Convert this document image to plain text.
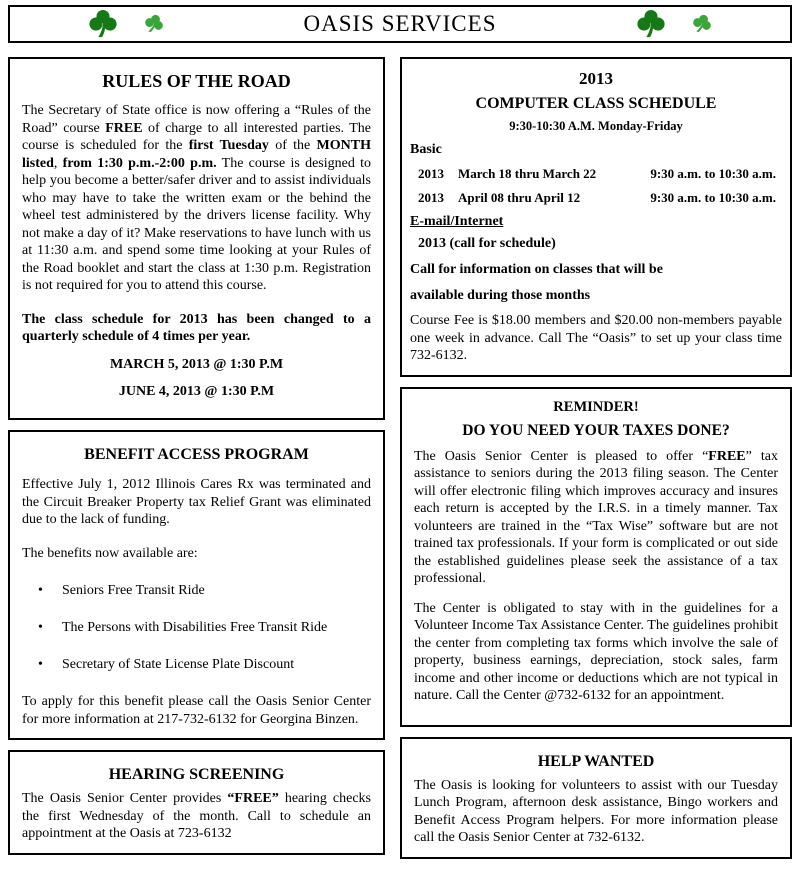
OASIS SERVICES
RULES OF THE ROAD

The Secretary of State office is now offering a “Rules of the Road” course FREE of charge to all interested parties. The course is scheduled for the first Tuesday of the MONTH listed, from 1:30 p.m.-2:00 p.m. The course is designed to help you become a better/safer driver and to assist individuals who may have to take the written exam or the behind the wheel test administered by the drivers license facility. Why not make a day of it? Make reservations to have lunch with us at 11:30 a.m. and spend some time looking at your Rules of the Road booklet and start the class at 1:30 p.m. Registration is not required for you to attend this course.

The class schedule for 2013 has been changed to a quarterly schedule of 4 times per year.

MARCH 5, 2013 @ 1:30 P.M

JUNE 4, 2013 @ 1:30 P.M

BENEFIT ACCESS PROGRAM

Effective July 1, 2012 Illinois Cares Rx was terminated and the Circuit Breaker Property tax Relief Grant was eliminated due to the lack of funding.

The benefits now available are:

•
Seniors Free Transit Ride
•
The Persons with Disabilities Free Transit Ride
•
Secretary of State License Plate Discount

To apply for this benefit please call the Oasis Senior Center for more information at 217-732-6132 for Georgina Binzen.

HEARING SCREENING

The Oasis Senior Center provides “FREE” hearing checks the first Wednesday of the month. Call to schedule an appointment at the Oasis at 723-6132

2013
COMPUTER CLASS SCHEDULE
9:30-10:30 A.M. Monday-Friday
Basic
2013	March 18 thru March 22	9:30 a.m. to 10:30 a.m.
2013	April 08 thru April 12	9:30 a.m. to 10:30 a.m.
E-mail/Internet
2013 (call for schedule)
Call for information on classes that will be
available during those months

Course Fee is $18.00 members and $20.00 non-members payable one week in advance. Call The “Oasis” to set up your class time 732-6132.

REMINDER!
DO YOU NEED YOUR TAXES DONE?

The Oasis Senior Center is pleased to offer “FREE” tax assistance to seniors during the 2013 filing season. The Center will offer electronic filing which improves accuracy and insures each return is accepted by the I.R.S. in a timely manner. Tax volunteers are trained in the “Tax Wise” software but are not trained tax professionals. If your form is complicated or out side the established guidelines please seek the assistance of a tax professional.

The Center is obligated to stay with in the guidelines for a Volunteer Income Tax Assistance Center. The guidelines prohibit the center from completing tax forms which involve the sale of property, business earnings, depreciation, stock sales, farm income and other income or deductions which are not typical in nature. Call the Center @732-6132 for an appointment.

HELP WANTED

The Oasis is looking for volunteers to assist with our Tuesday Lunch Program, afternoon desk assistance, Bingo workers and Benefit Access Program helpers. For more information please call the Oasis Senior Center at 732-6132.
